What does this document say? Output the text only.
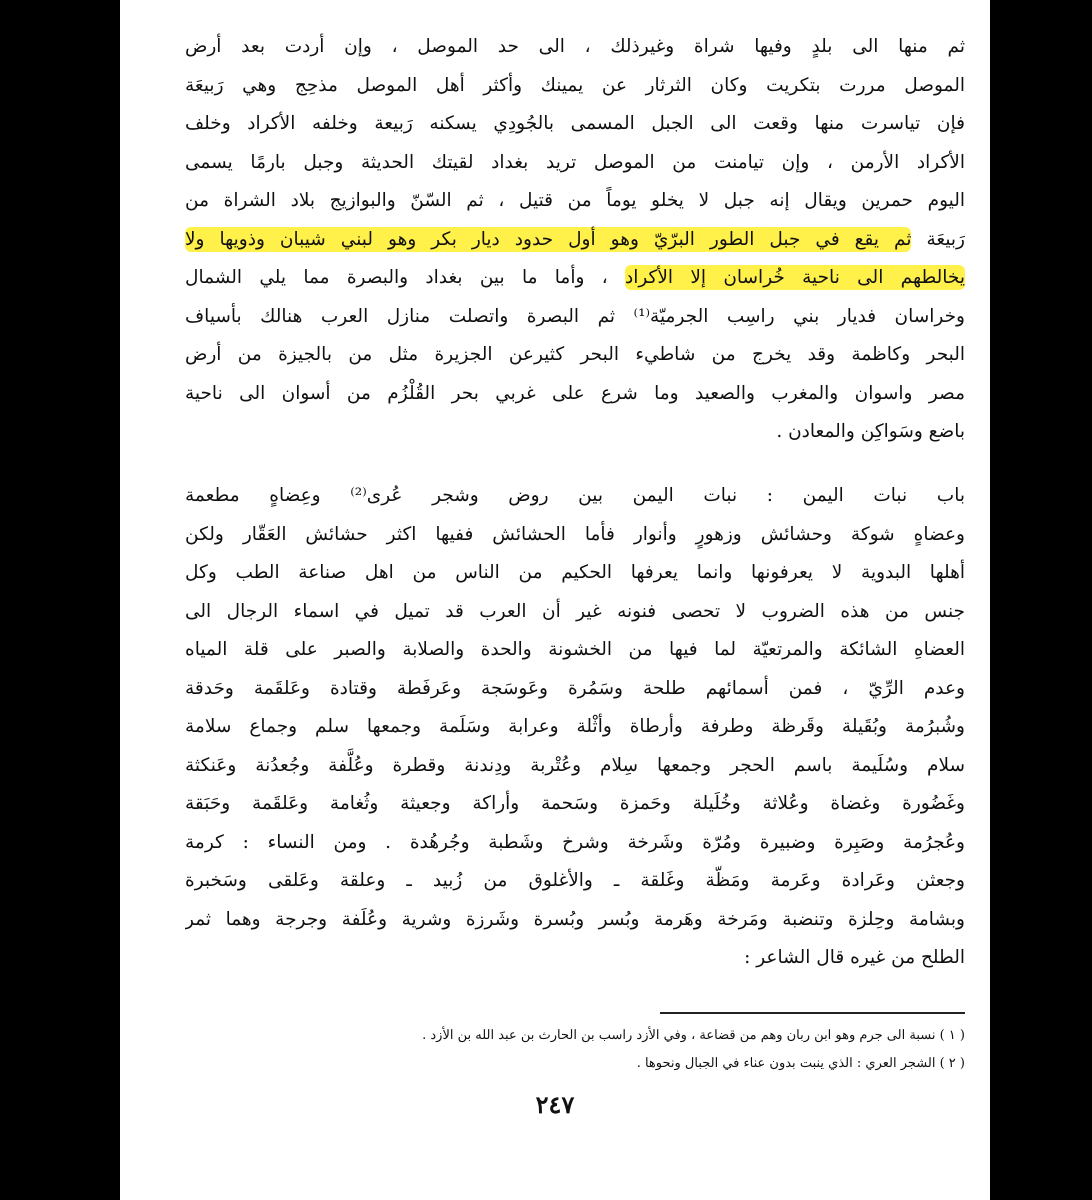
ثم منها الى بلدٍ وفيها شراة وغيرذلك ، الى حد الموصل ، وإن أردت بعد أرض
الموصل مررت بتكريت وكان الثرثار عن يمينك وأكثر أهل الموصل مذحِج وهي رَبيعَة
فإن تياسرت منها وقعت الى الجبل المسمى بالجُودِي يسكنه رَبيعة وخلفه الأكراد وخلف
الأكراد الأرمن ، وإن تيامنت من الموصل تريد بغداد لقيتك الحديثة وجبل بارمًا يسمى
اليوم حمرين ويقال إنه جبل لا يخلو يوماً من قتيل ، ثم السّنّ والبوازيج بلاد الشراة من
رَبيعَة ثم يقع في جبل الطور البرّيّ وهو أول حدود ديار بكر وهو لبني شيبان وذويها ولا
يخالطهم الى ناحية خُراسان إلا الأكراد ، وأما ما بين بغداد والبصرة مما يلي الشمال
وخراسان فديار بني راسِب الجرميّة⁽¹⁾ ثم البصرة واتصلت منازل العرب هنالك بأسياف
البحر وكاظمة وقد يخرج من شاطيء البحر كثيرعن الجزيرة مثل من بالجيزة من أرض
مصر واسوان والمغرب والصعيد وما شرع على غربي بحر القُلْزُم من أسوان الى ناحية
باضع وسَواكِن والمعادن .
باب نبات اليمن : نبات اليمن بين روض وشجر عُرى⁽²⁾ وعِضاهٍ مطعمة
وعضاهٍ شوكة وحشائش وزهورٍ وأنوار فأما الحشائش ففيها اكثر حشائش العَقّار ولكن
أهلها البدوية لا يعرفونها وانما يعرفها الحكيم من الناس من اهل صناعة الطب وكل
جنس من هذه الضروب لا تحصى فنونه غير أن العرب قد تميل في اسماء الرجال الى
العضاهِ الشائكة والمرتعيّة لما فيها من الخشونة والحدة والصلابة والصبر على قلة المياه
وعدم الرِّيّ ، فمن أسمائهم طلحة وسَمُرة وعَوسَجة وعَرفَطة وقتادة وعَلقَمة وحَدقة
وشُبرُمة وبُقَيلة وقَرظة وطرفة وأرطاة وأثْلة وعرابة وسَلَمة وجمعها سلم وجماع سلامة
سلام وسُلَيمة باسم الحجر وجمعها سِلام وعُتْربة ودِندنة وقطرة وعُلَّفة وجُعدُنة وعَنكثة
وغَضُورة وغضاة وعُلاثة وخُلَيلة وحَمزة وسَحمة وأراكة وجعيثة وثُغامة وعَلقَمة وحَبَقة
وعُجرُمة وصَبِرة وضبيرة ومُرّة وشَرخة وشرخ وشَطبة وجُرهُدة . ومن النساء : كرمة
وجعثن وعَرادة وعَرمة ومَظّة وغَلقة ـ والأغلوق من زُبيد ـ وعلقة وعَلقى وسَخبرة
وبشامة وحِلزة وتنضبة ومَرخة وهَرمة وبُسر وبُسرة وشَرزة وشرية وعُلَفة وجرجة وهما ثمر
الطلح من غيره قال الشاعر :
( ١ ) نسبة الى جرم وهو ابن ربان وهم من قضاعة ، وفي الأزد راسب بن الحارث بن عبد الله بن الأزد .
( ٢ ) الشجر العري : الذي ينبت بدون عناء في الجبال ونحوها .
٢٤٧
